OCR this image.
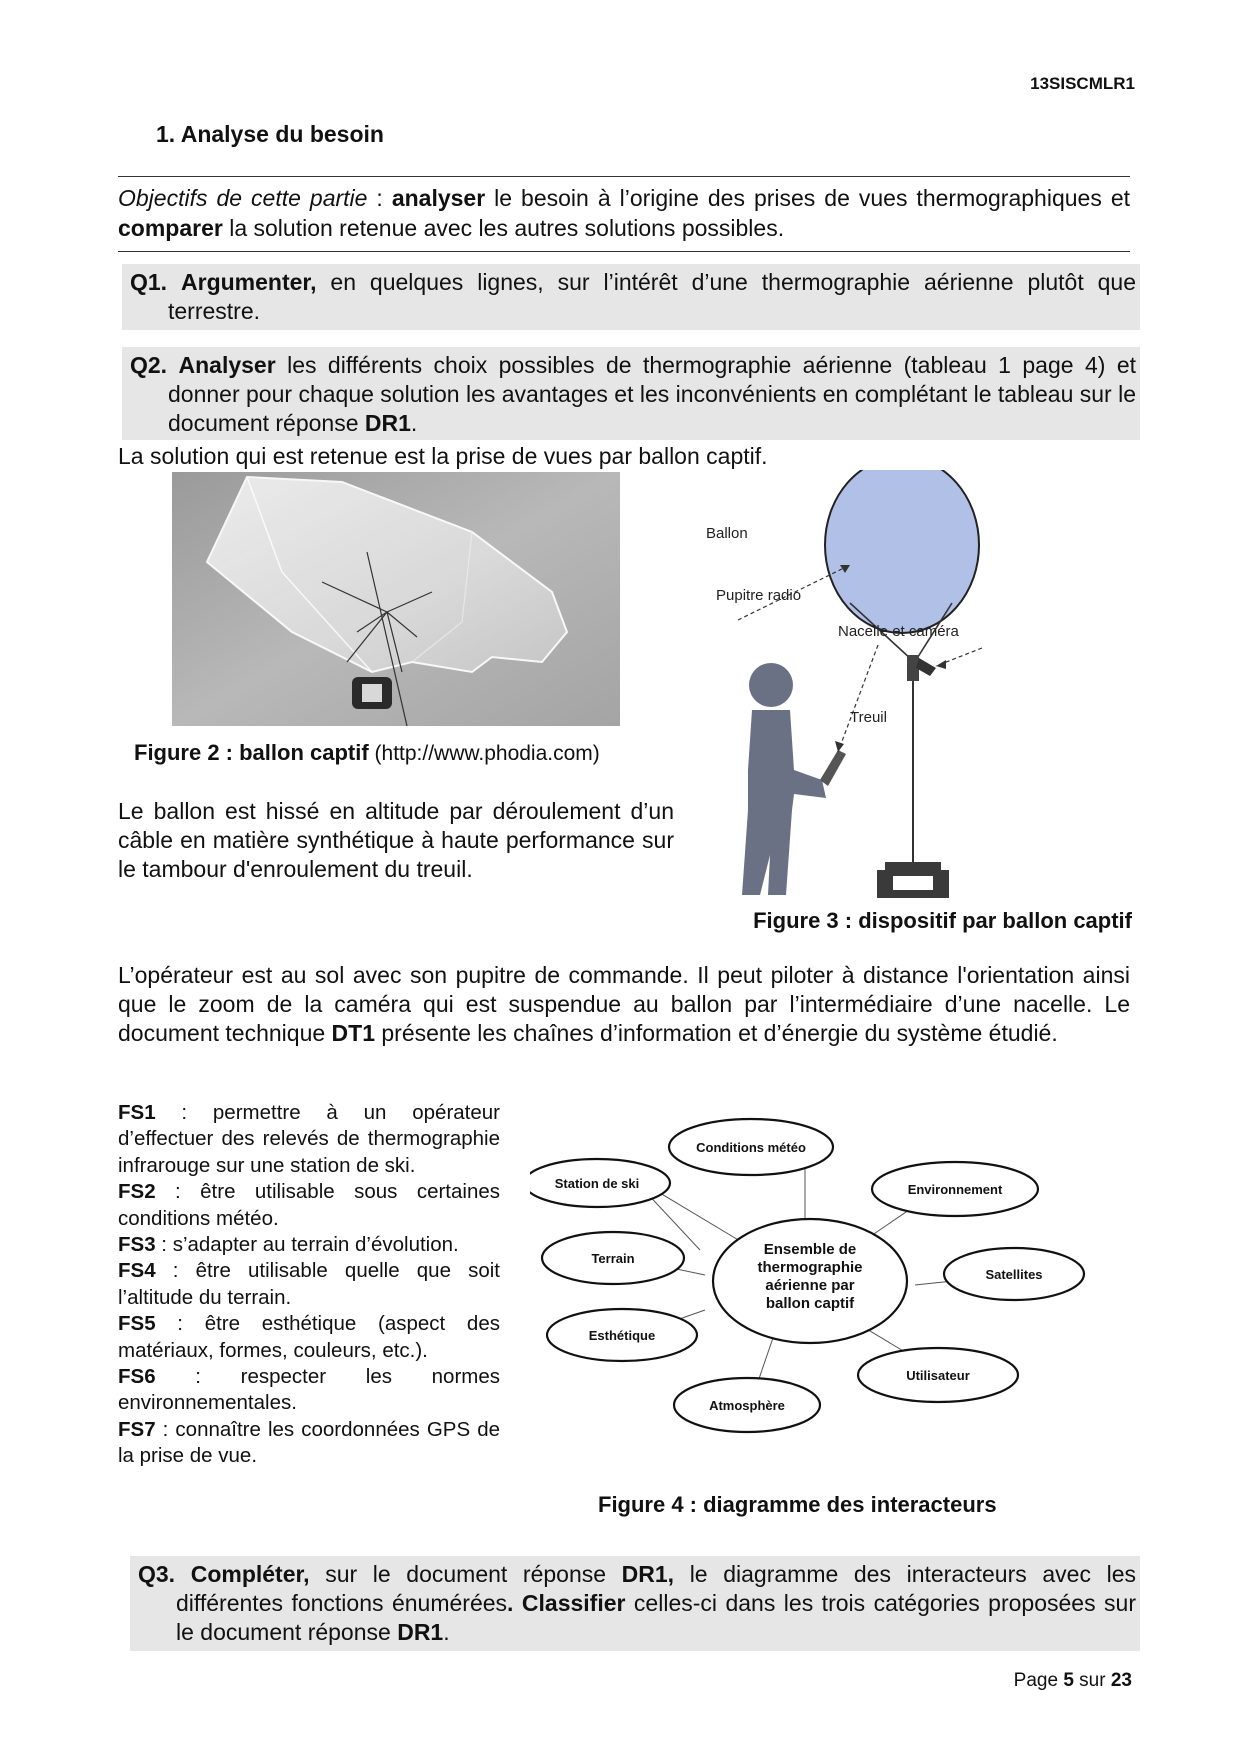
13SISCMLR1
1. Analyse du besoin
Objectifs de cette partie : analyser le besoin à l’origine des prises de vues thermographiques et comparer la solution retenue avec les autres solutions possibles.
Q1. Argumenter, en quelques lignes, sur l’intérêt d’une thermographie aérienne plutôt que terrestre.
Q2. Analyser les différents choix possibles de thermographie aérienne (tableau 1 page 4) et donner pour chaque solution les avantages et les inconvénients en complétant le tableau sur le document réponse DR1.
La solution qui est retenue est la prise de vues par ballon captif.
Figure 2 : ballon captif (http://www.phodia.com)
Le ballon est hissé en altitude par déroulement d’un câble en matière synthétique à haute performance sur le tambour d'enroulement du treuil.
Ballon
Pupitre radio
Nacelle et caméra
Treuil
Figure 3 : dispositif par ballon captif
L’opérateur est au sol avec son pupitre de commande. Il peut piloter à distance l'orientation ainsi que le zoom de la caméra qui est suspendue au ballon par l’intermédiaire d’une nacelle. Le document technique DT1 présente les chaînes d’information et d’énergie du système étudié.

FS1 : permettre à un opérateur d’effectuer des relevés de thermographie infrarouge sur une station de ski.

FS2 : être utilisable sous certaines conditions météo.

FS3 : s’adapter au terrain d’évolution.

FS4 : être utilisable quelle que soit l’altitude du terrain.

FS5 : être esthétique (aspect des matériaux, formes, couleurs, etc.).

FS6 : respecter les normes environnementales.

FS7 : connaître les coordonnées GPS de la prise de vue.

Conditions météo
Station de ski	Environnement
Terrain
Satellites
Esthétique
Utilisateur
Atmosphère
Ensemble de
thermographie
aérienne par
ballon captif
Figure 4 : diagramme des interacteurs
Q3. Compléter, sur le document réponse DR1, le diagramme des interacteurs avec les différentes fonctions énumérées. Classifier celles-ci dans les trois catégories proposées sur le document réponse DR1.
Page 5 sur 23
